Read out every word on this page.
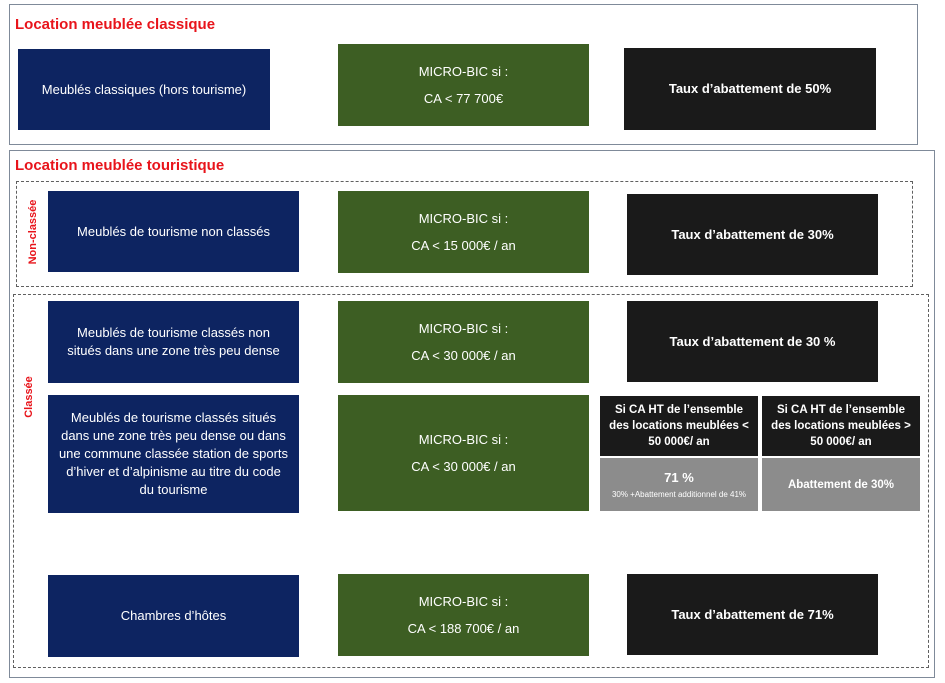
Location meublée classique
Meublés classiques (hors tourisme)
MICRO-BIC si :
CA < 77 700€
Taux d’abattement de 50%
Location meublée touristique
Non-classée	Meublés de tourisme non classés
MICRO-BIC si :
CA < 15 000€ / an
Taux d’abattement de 30%
Classée
Meublés de tourisme classés non situés dans une zone très peu dense
MICRO-BIC si :
CA < 30 000€ / an
Taux d’abattement de 30 %
Meublés de tourisme classés situés dans une zone très peu dense ou dans une commune classée station de sports d’hiver et d’alpinisme au titre du code du tourisme
MICRO-BIC si :
CA < 30 000€ / an
Si CA HT de l’ensemble des locations meublées < 50 000€/ an
Si CA HT de l’ensemble des locations meublées > 50 000€/ an
71 %
30% +Abattement additionnel de 41%
Abattement de 30%
Chambres d’hôtes
MICRO-BIC si :
CA < 188 700€ / an
Taux d’abattement de 71%
